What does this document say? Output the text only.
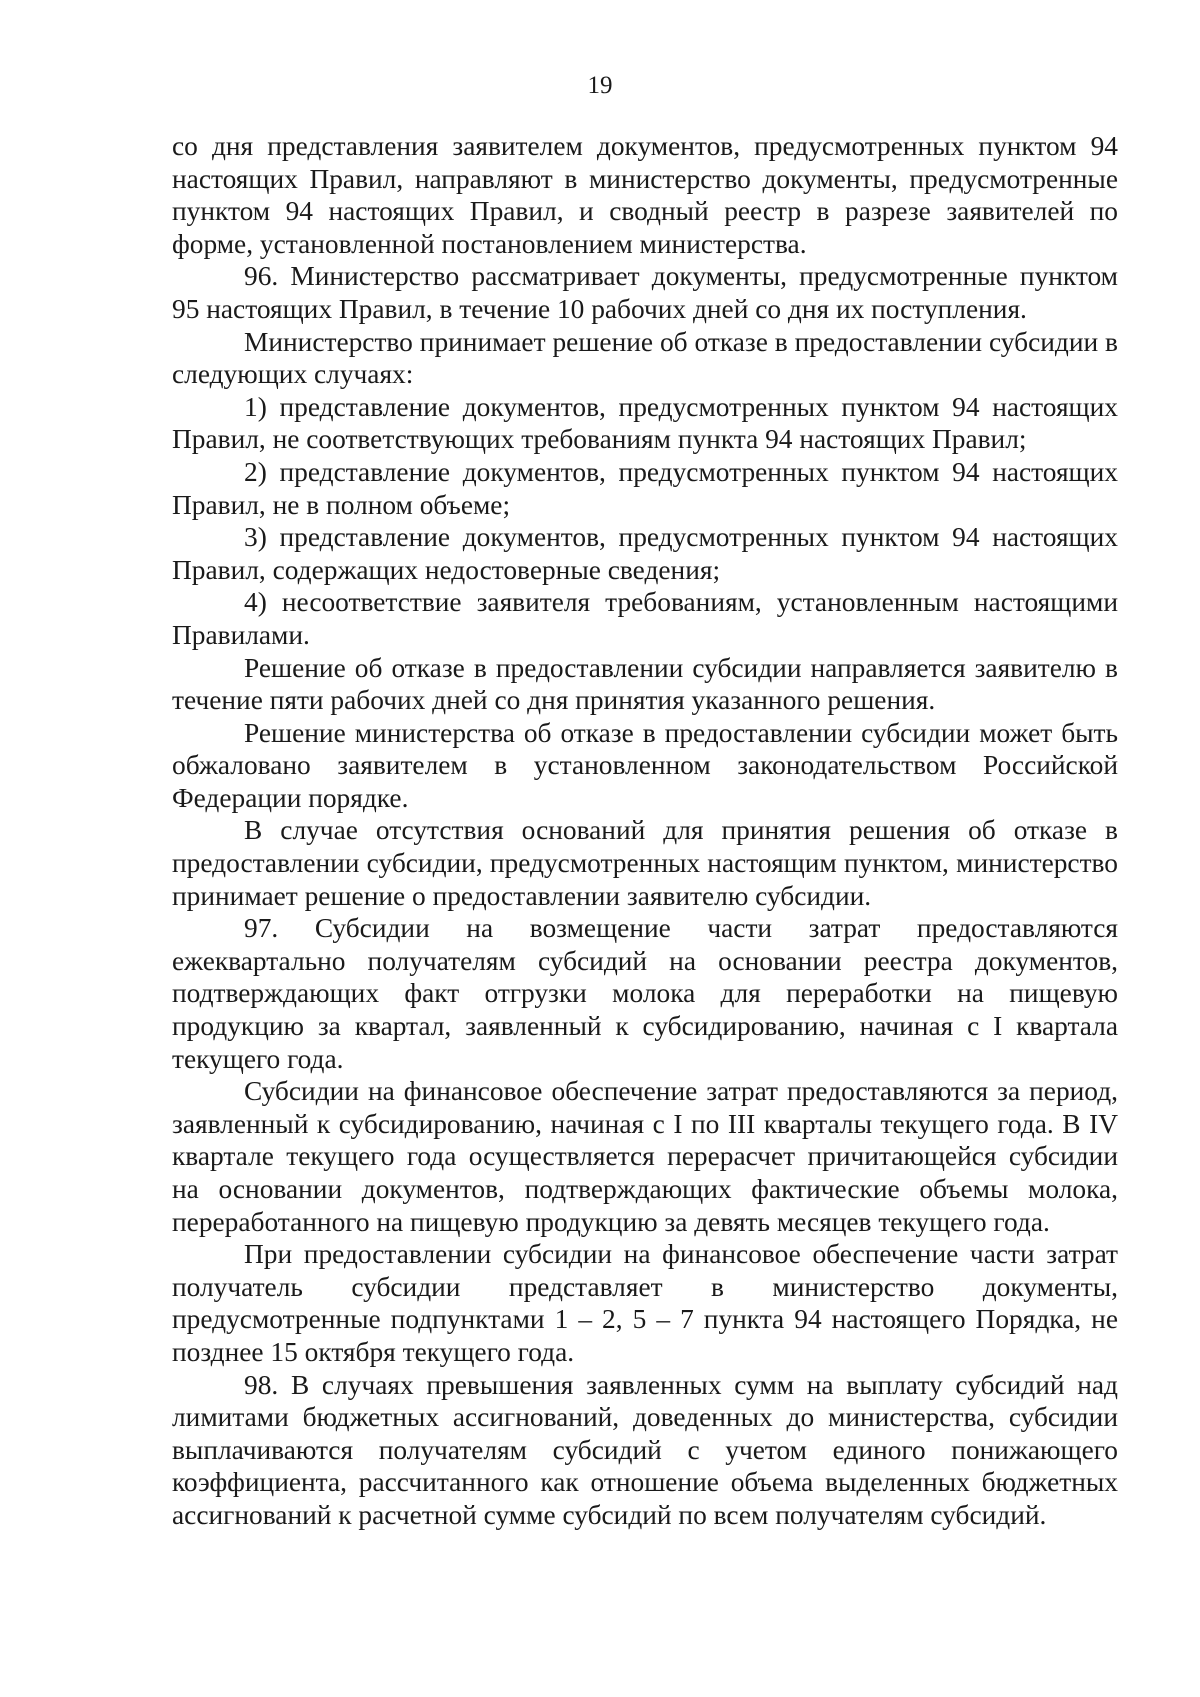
19

со дня представления заявителем документов, предусмотренных пунктом 94 настоящих Правил, направляют в министерство документы, предусмотренные пунктом 94 настоящих Правил, и сводный реестр в разрезе заявителей по форме, установленной постановлением министерства.

96. Министерство рассматривает документы, предусмотренные пунктом 95 настоящих Правил, в течение 10 рабочих дней со дня их поступления.

Министерство принимает решение об отказе в предоставлении субсидии в следующих случаях:

1) представление документов, предусмотренных пунктом 94 настоящих Правил, не соответствующих требованиям пункта 94 настоящих Правил;

2) представление документов, предусмотренных пунктом 94 настоящих Правил, не в полном объеме;

3) представление документов, предусмотренных пунктом 94 настоящих Правил, содержащих недостоверные сведения;

4) несоответствие заявителя требованиям, установленным настоящими Правилами.

Решение об отказе в предоставлении субсидии направляется заявителю в течение пяти рабочих дней со дня принятия указанного решения.

Решение министерства об отказе в предоставлении субсидии может быть обжаловано заявителем в установленном законодательством Российской Федерации порядке.

В случае отсутствия оснований для принятия решения об отказе в предоставлении субсидии, предусмотренных настоящим пунктом, министерство принимает решение о предоставлении заявителю субсидии.

97. Субсидии на возмещение части затрат предоставляются ежеквартально получателям субсидий на основании реестра документов, подтверждающих факт отгрузки молока для переработки на пищевую продукцию за квартал, заявленный к субсидированию, начиная с I квартала текущего года.

Субсидии на финансовое обеспечение затрат предоставляются за период, заявленный к субсидированию, начиная с I по III кварталы текущего года. В IV квартале текущего года осуществляется перерасчет причитающейся субсидии на основании документов, подтверждающих фактические объемы молока, переработанного на пищевую продукцию за девять месяцев текущего года.

При предоставлении субсидии на финансовое обеспечение части затрат получатель субсидии представляет в министерство документы, предусмотренные подпунктами 1 – 2, 5 – 7 пункта 94 настоящего Порядка, не позднее 15 октября текущего года.

98. В случаях превышения заявленных сумм на выплату субсидий над лимитами бюджетных ассигнований, доведенных до министерства, субсидии выплачиваются получателям субсидий с учетом единого понижающего коэффициента, рассчитанного как отношение объема выделенных бюджетных ассигнований к расчетной сумме субсидий по всем получателям субсидий.
